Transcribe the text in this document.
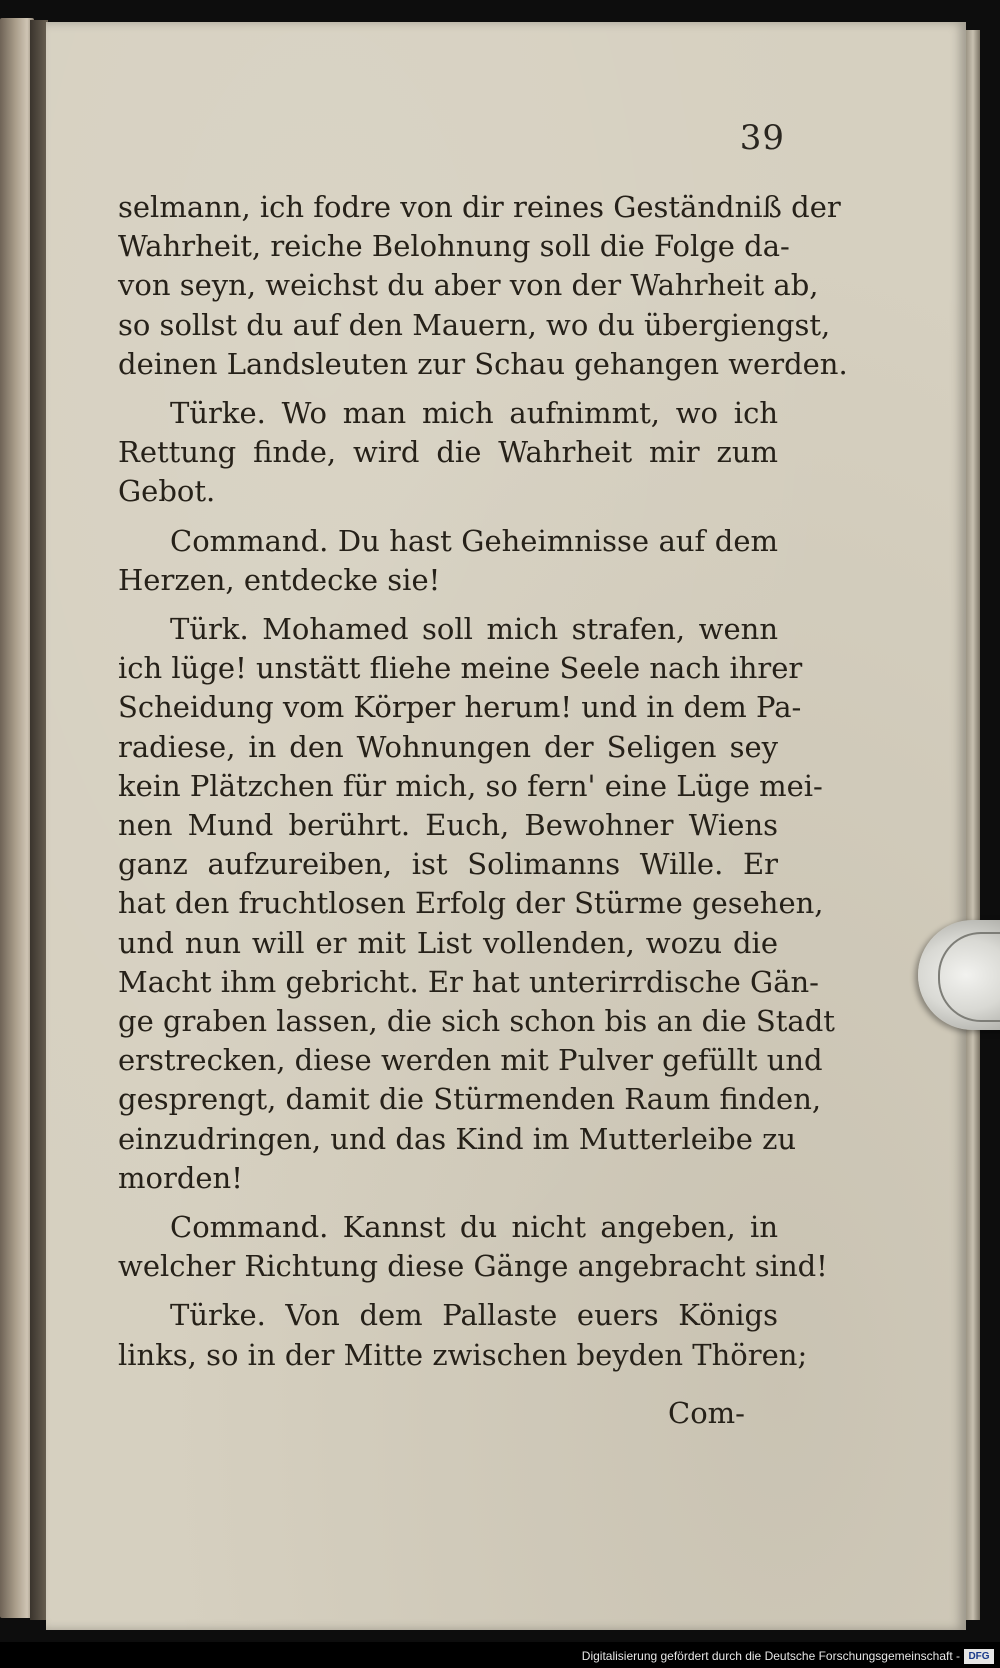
39
selmann, ich fodre von dir reines Geständniß der
Wahrheit, reiche Belohnung soll die Folge da-
von seyn, weichst du aber von der Wahrheit ab,
so sollst du auf den Mauern, wo du übergiengst,
deinen Landsleuten zur Schau gehangen werden.
Türke. Wo man mich aufnimmt, wo ich
Rettung finde, wird die Wahrheit mir zum
Gebot.
Command. Du hast Geheimnisse auf dem
Herzen, entdecke sie!
Türk. Mohamed soll mich strafen, wenn
ich lüge! unstätt fliehe meine Seele nach ihrer
Scheidung vom Körper herum! und in dem Pa-
radiese, in den Wohnungen der Seligen sey
kein Plätzchen für mich, so fern' eine Lüge mei-
nen Mund berührt. Euch, Bewohner Wiens
ganz aufzureiben, ist Solimanns Wille. Er
hat den fruchtlosen Erfolg der Stürme gesehen,
und nun will er mit List vollenden, wozu die
Macht ihm gebricht. Er hat unterirrdische Gän-
ge graben lassen, die sich schon bis an die Stadt
erstrecken, diese werden mit Pulver gefüllt und
gesprengt, damit die Stürmenden Raum finden,
einzudringen, und das Kind im Mutterleibe zu
morden!
Command. Kannst du nicht angeben, in
welcher Richtung diese Gänge angebracht sind!
Türke. Von dem Pallaste euers Königs
links, so in der Mitte zwischen beyden Thören;
Com-
Digitalisierung gefördert durch die Deutsche Forschungsgemeinschaft - DFG
